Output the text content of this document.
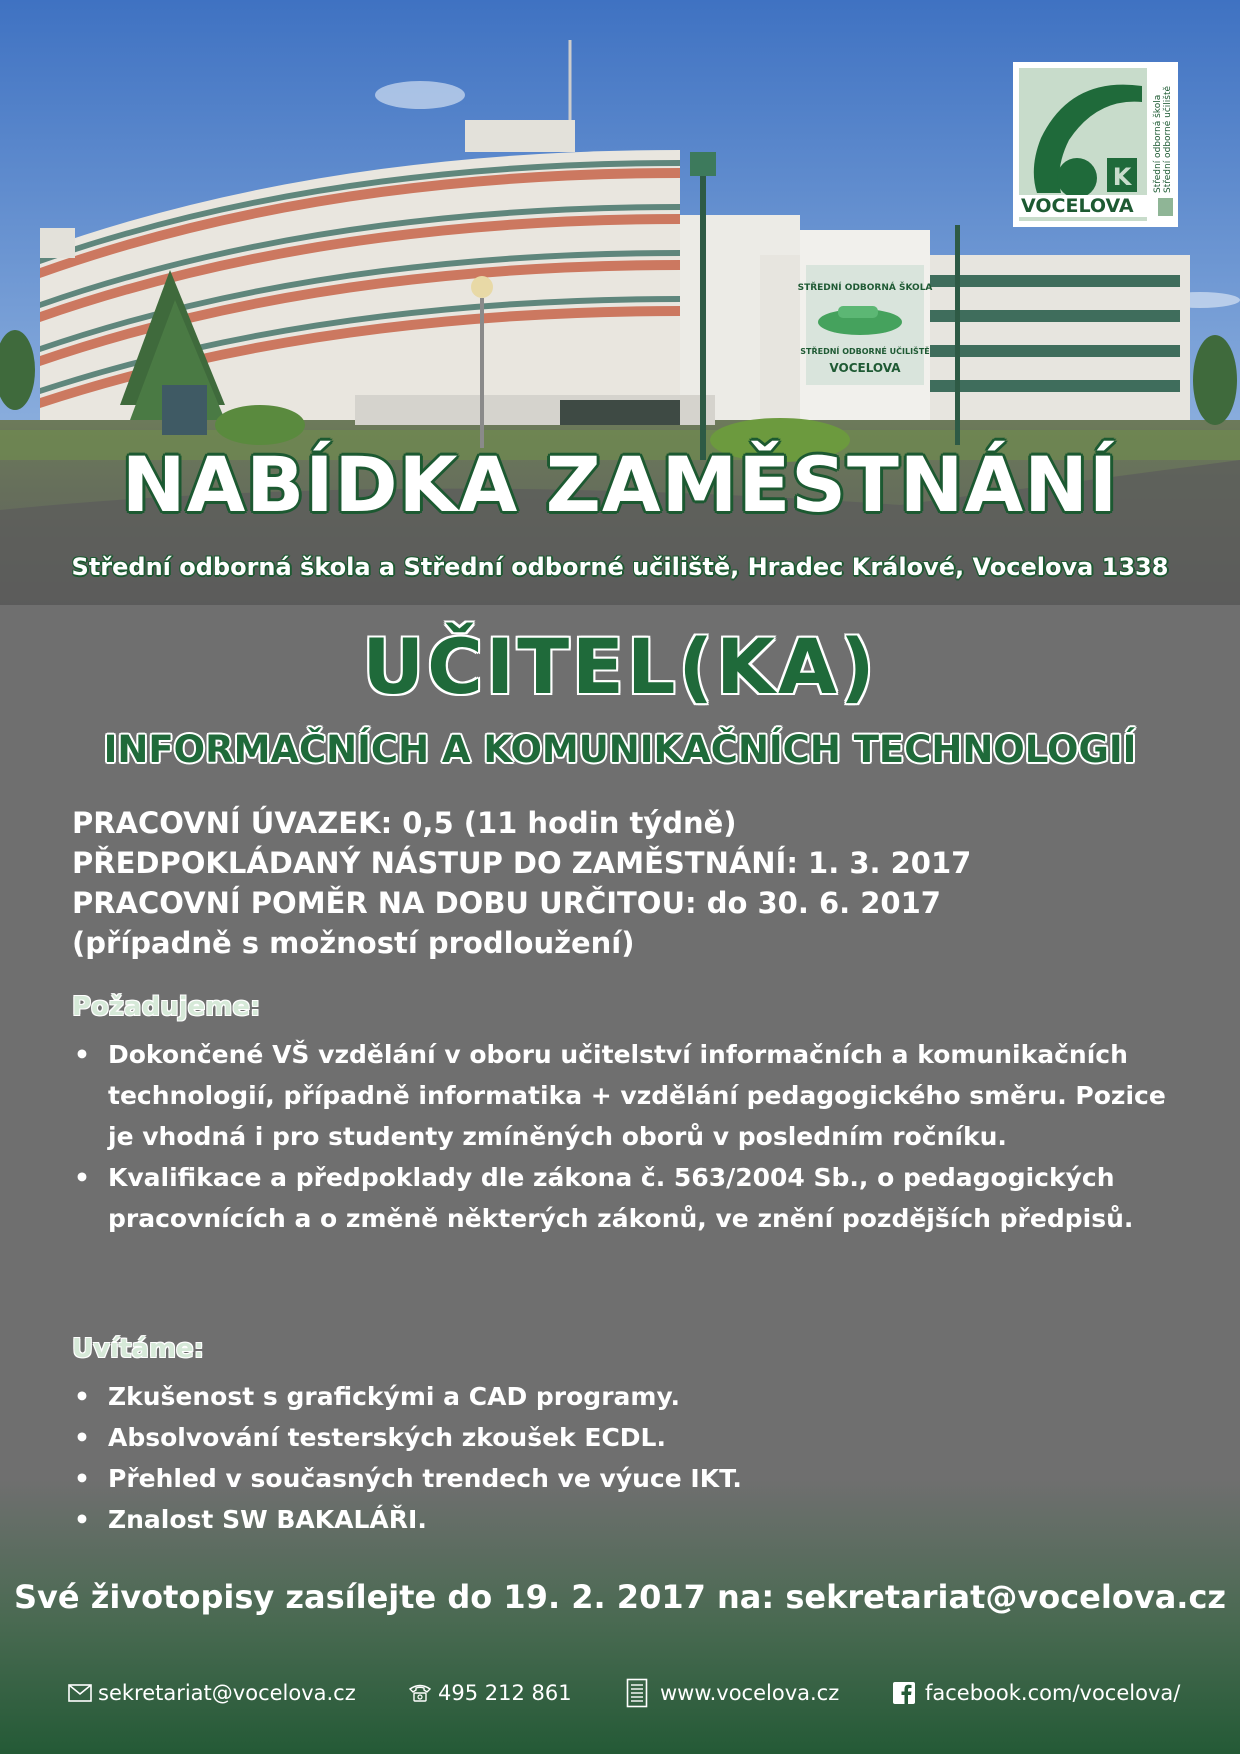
STŘEDNÍ ODBORNÁ ŠKOLA
STŘEDNÍ ODBORNÉ UČILIŠTĚ
VOCELOVA
NABÍDKA ZAMĚSTNÁNÍ
Střední odborná škola a Střední odborné učiliště, Hradec Králové, Vocelova 1338
K Střední odborná škola Střední odborné učiliště
VOCELOVA
UČITEL(KA)
INFORMAČNÍCH A KOMUNIKAČNÍCH TECHNOLOGIÍ
PRACOVNÍ ÚVAZEK: 0,5 (11 hodin týdně)
PŘEDPOKLÁDANÝ NÁSTUP DO ZAMĚSTNÁNÍ: 1. 3. 2017
PRACOVNÍ POMĚR NA DOBU URČITOU: do 30. 6. 2017
(případně s možností prodloužení)
Požadujeme:
• Dokončené VŠ vzdělání v oboru učitelství informačních a komunikačních technologií, případně informatika + vzdělání pedagogického směru. Pozice je vhodná i pro studenty zmíněných oborů v posledním ročníku.
• Kvalifikace a předpoklady dle zákona č. 563/2004 Sb., o pedagogických pracovnících a o změně některých zákonů, ve znění pozdějších předpisů.
Uvítáme:
• Zkušenost s grafickými a CAD programy.
• Absolvování testerských zkoušek ECDL.
• Přehled v současných trendech ve výuce IKT.
• Znalost SW BAKALÁŘI.
Své životopisy zasílejte do 19. 2. 2017 na: sekretariat@vocelova.cz
sekretariat@vocelova.cz	495 212 861	www.vocelova.cz	facebook.com/vocelova/
